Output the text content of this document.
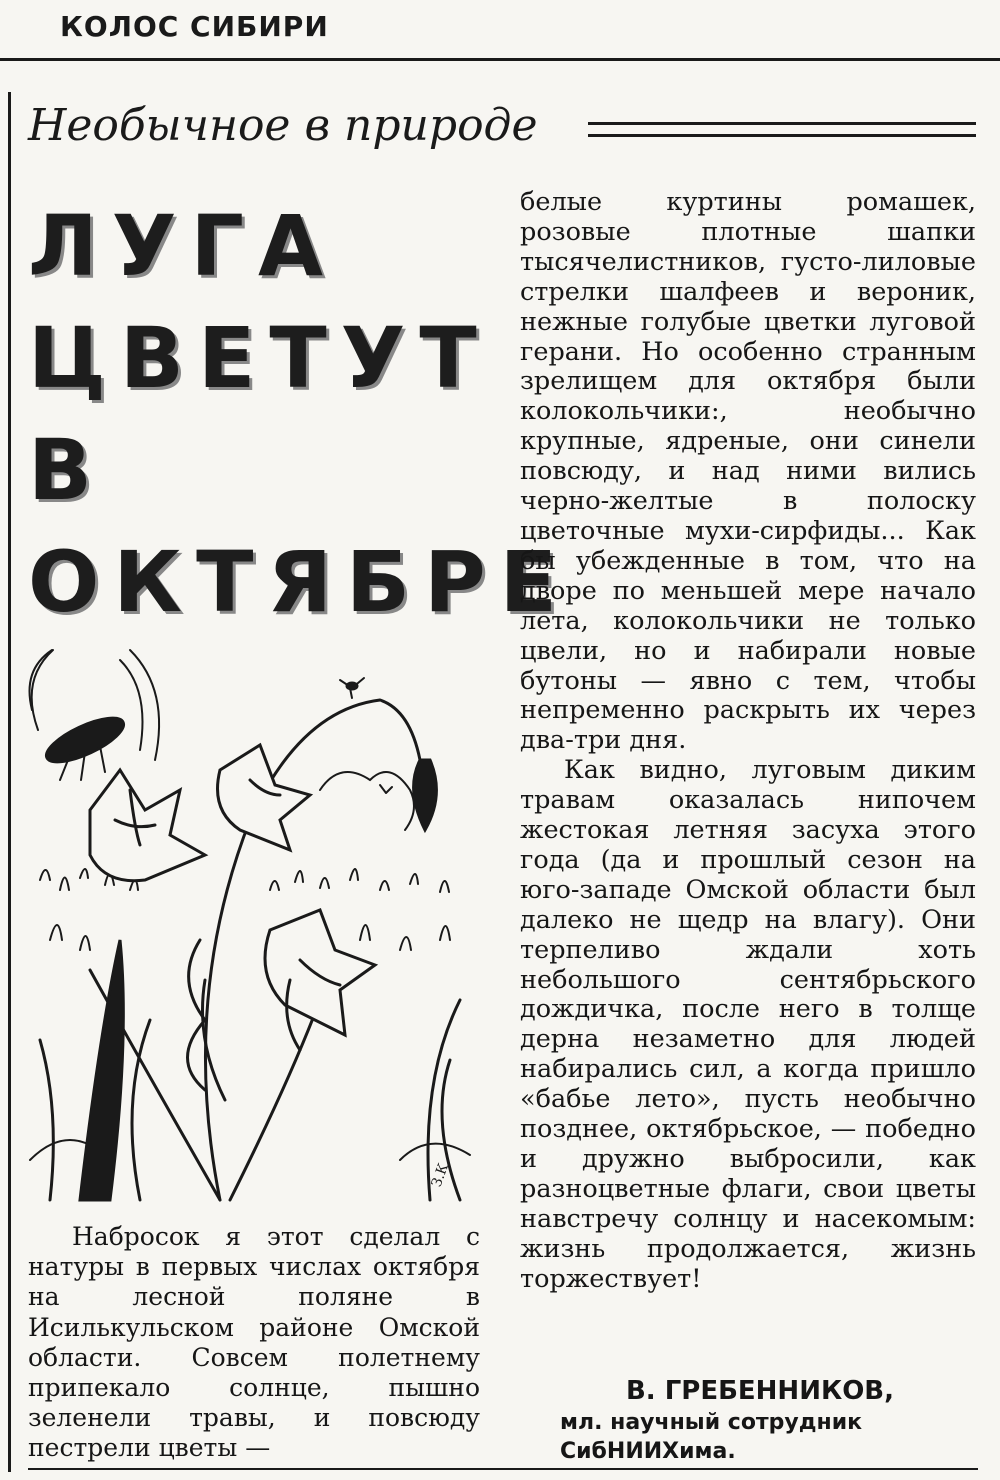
КОЛОС СИБИРИ
Необычное в природе
ЛУГА
ЦВЕТУТ
В
ОКТЯБРЕ
З.К.

Набросок я этот сделал с натуры в первых числах октября на лесной поляне в Исилькульском районе Омской области. Совсем полетнему припекало солнце, пышно зеленели травы, и повсюду пестрели цветы —

белые куртины ромашек, розовые плотные шапки тысячелистников, густо-лиловые стрелки шалфеев и вероник, нежные голубые цветки луговой герани. Но особенно странным зрелищем для октября были колокольчики:, необычно крупные, ядреные, они синели повсюду, и над ними вились черно-желтые в полоску цветочные мухи-сирфиды... Как бы убежденные в том, что на дворе по меньшей мере начало лета, колокольчики не только цвели, но и набирали новые бутоны — явно с тем, чтобы непременно раскрыть их через два-три дня.

Как видно, луговым диким травам оказалась нипочем жестокая летняя засуха этого года (да и прошлый сезон на юго-западе Омской области был далеко не щедр на влагу). Они терпеливо ждали хоть небольшого сентябрьского дождичка, после него в толще дерна незаметно для людей набирались сил, а когда пришло «бабье лето», пусть необычно позднее, октябрьское, — победно и дружно выбросили, как разноцветные флаги, свои цветы навстречу солнцу и насекомым: жизнь продолжается, жизнь торжествует!

В. ГРЕБЕННИКОВ,
мл. научный сотрудник
СибНИИХима.
